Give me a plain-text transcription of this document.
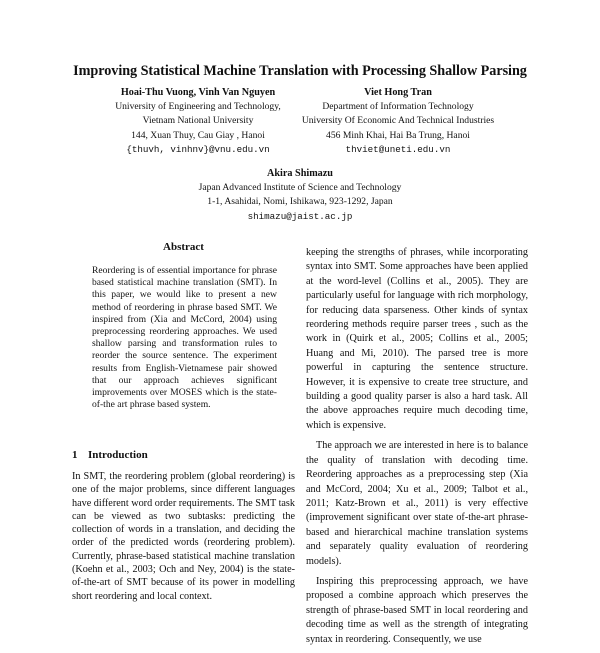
Improving Statistical Machine Translation with Processing Shallow Parsing
Hoai-Thu Vuong, Vinh Van Nguyen
University of Engineering and Technology,
Vietnam National University
144, Xuan Thuy, Cau Giay , Hanoi
{thuvh, vinhnv}@vnu.edu.vn
Viet Hong Tran
Department of Information Technology
University Of Economic And Technical Industries
456 Minh Khai, Hai Ba Trung, Hanoi
thviet@uneti.edu.vn
Akira Shimazu
Japan Advanced Institute of Science and Technology
1-1, Asahidai, Nomi, Ishikawa, 923-1292, Japan
shimazu@jaist.ac.jp
Abstract
Reordering is of essential importance for phrase based statistical machine translation (SMT). In this paper, we would like to present a new method of reordering in phrase based SMT. We inspired from (Xia and McCord, 2004) using preprocessing reordering approaches. We used shallow parsing and transformation rules to reorder the source sentence. The experiment results from English-Vietnamese pair showed that our approach achieves significant improvements over MOSES which is the state-of-the art phrase based system.
1 Introduction

In SMT, the reordering problem (global reordering) is one of the major problems, since different languages have different word order requirements. The SMT task can be viewed as two subtasks: predicting the collection of words in a translation, and deciding the order of the predicted words (reordering problem). Currently, phrase-based statistical machine translation (Koehn et al., 2003; Och and Ney, 2004) is the state-of-the-art of SMT because of its power in modelling short reordering and local context.

keeping the strengths of phrases, while incorporating syntax into SMT. Some approaches have been applied at the word-level (Collins et al., 2005). They are particularly useful for language with rich morphology, for reducing data sparseness. Other kinds of syntax reordering methods require parser trees , such as the work in (Quirk et al., 2005; Collins et al., 2005; Huang and Mi, 2010). The parsed tree is more powerful in capturing the sentence structure. However, it is expensive to create tree structure, and building a good quality parser is also a hard task. All the above approaches require much decoding time, which is expensive.

The approach we are interested in here is to balance the quality of translation with decoding time. Reordering approaches as a preprocessing step (Xia and McCord, 2004; Xu et al., 2009; Talbot et al., 2011; Katz-Brown et al., 2011) is very effective (improvement significant over state of-the-art phrase-based and hierarchical machine translation systems and separately quality evaluation of reordering models).

Inspiring this preprocessing approach, we have proposed a combine approach which preserves the strength of phrase-based SMT in local reordering and decoding time as well as the strength of integrating syntax in reordering. Consequently, we use
